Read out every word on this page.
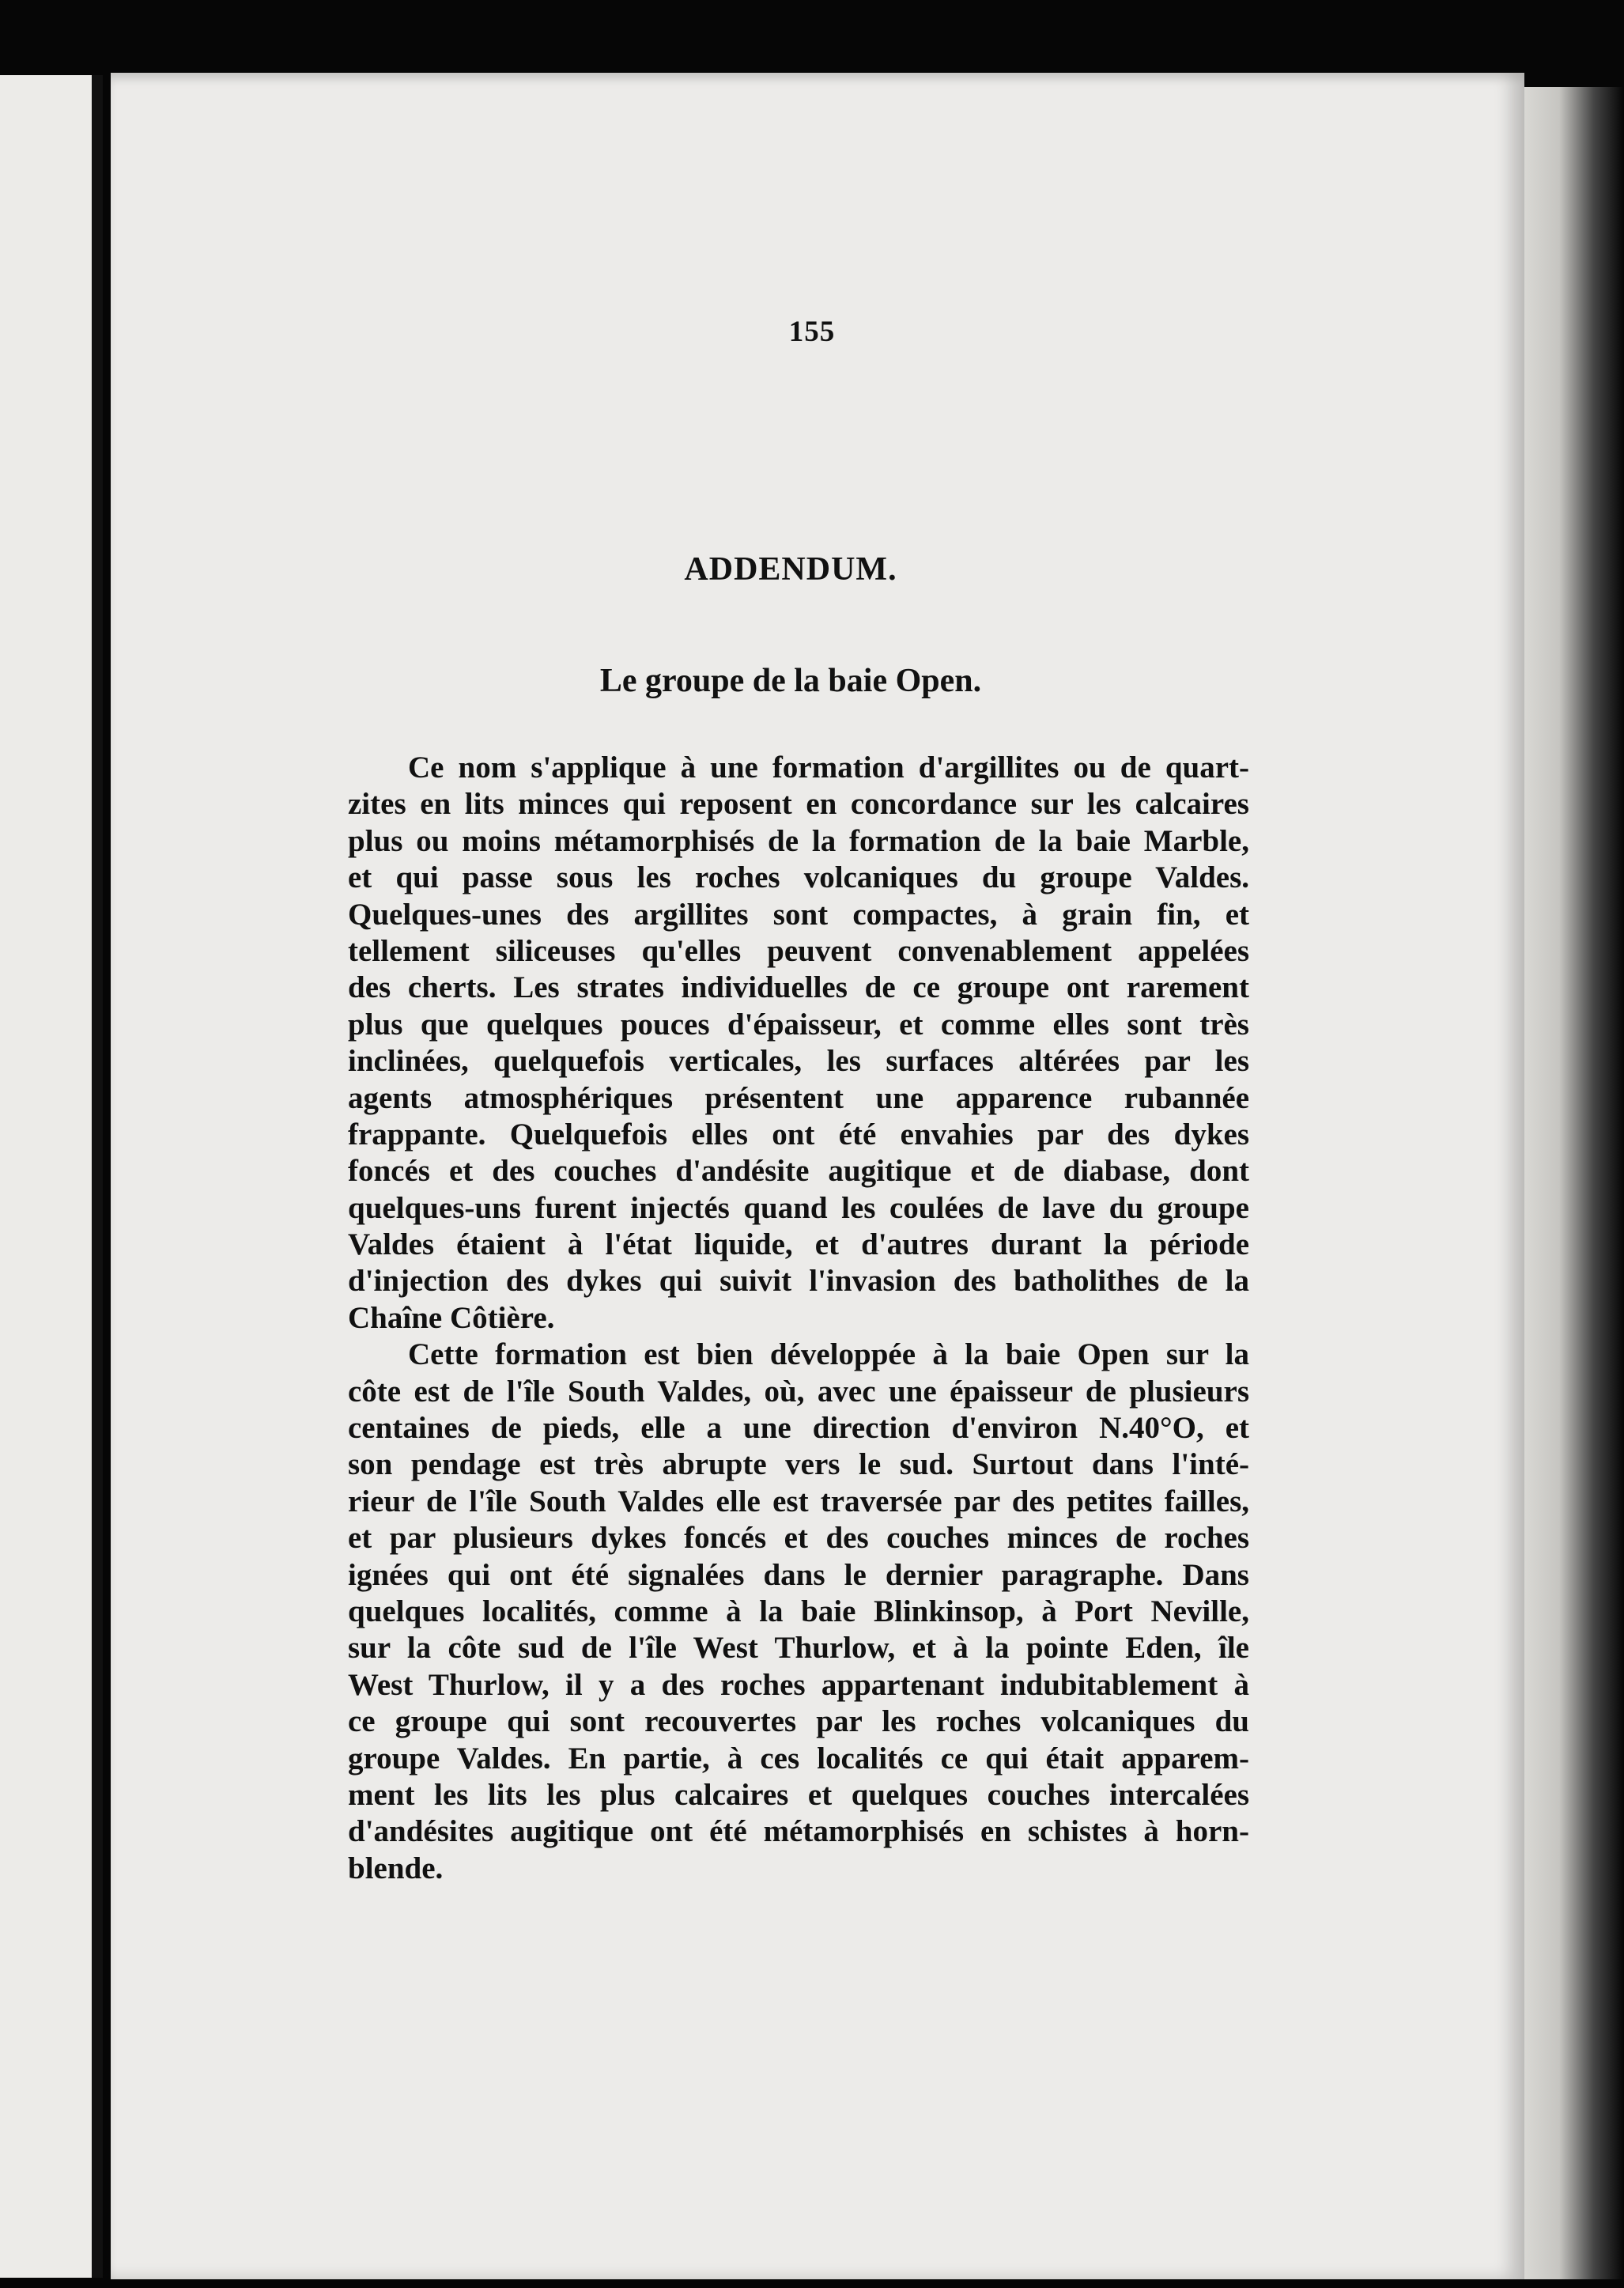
155
ADDENDUM.
Le groupe de la baie Open.
Ce nom s'applique à une formation d'argillites ou de quart-
zites en lits minces qui reposent en concordance sur les calcaires
plus ou moins métamorphisés de la formation de la baie Marble,
et qui passe sous les roches volcaniques du groupe Valdes.
Quelques-unes des argillites sont compactes, à grain fin, et
tellement siliceuses qu'elles peuvent convenablement appelées
des cherts. Les strates individuelles de ce groupe ont rarement
plus que quelques pouces d'épaisseur, et comme elles sont très
inclinées, quelquefois verticales, les surfaces altérées par les
agents atmosphériques présentent une apparence rubannée
frappante. Quelquefois elles ont été envahies par des dykes
foncés et des couches d'andésite augitique et de diabase, dont
quelques-uns furent injectés quand les coulées de lave du groupe
Valdes étaient à l'état liquide, et d'autres durant la période
d'injection des dykes qui suivit l'invasion des batholithes de la
Chaîne Côtière.
Cette formation est bien développée à la baie Open sur la
côte est de l'île South Valdes, où, avec une épaisseur de plusieurs
centaines de pieds, elle a une direction d'environ N.40°O, et
son pendage est très abrupte vers le sud. Surtout dans l'inté-
rieur de l'île South Valdes elle est traversée par des petites failles,
et par plusieurs dykes foncés et des couches minces de roches
ignées qui ont été signalées dans le dernier paragraphe. Dans
quelques localités, comme à la baie Blinkinsop, à Port Neville,
sur la côte sud de l'île West Thurlow, et à la pointe Eden, île
West Thurlow, il y a des roches appartenant indubitablement à
ce groupe qui sont recouvertes par les roches volcaniques du
groupe Valdes. En partie, à ces localités ce qui était apparem-
ment les lits les plus calcaires et quelques couches intercalées
d'andésites augitique ont été métamorphisés en schistes à horn-
blende.
